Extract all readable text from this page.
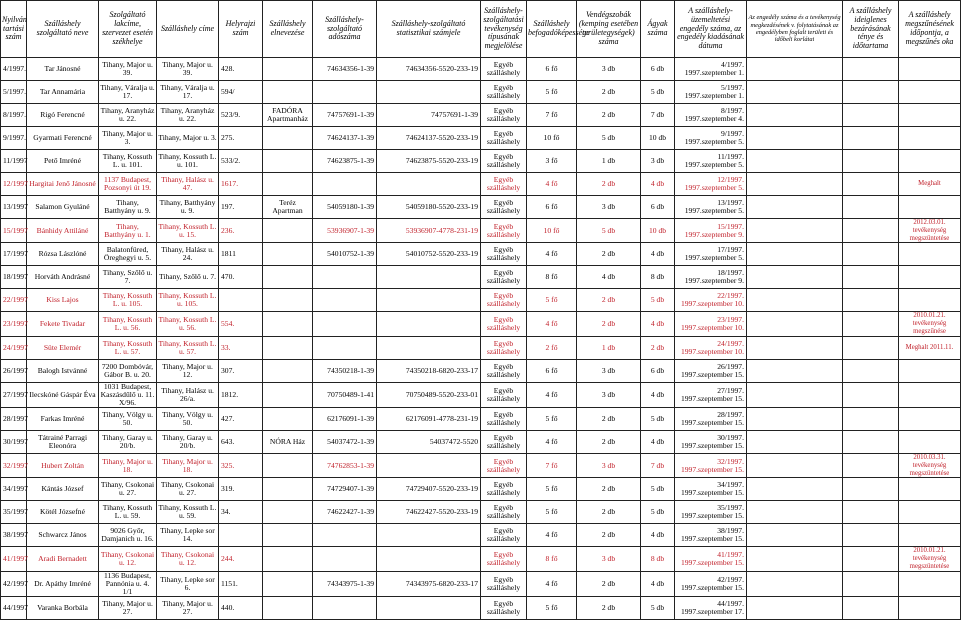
Nyilván tartási szám	Szálláshely szolgáltató neve	Szolgáltató lakcíme, szervezet esetén székhelye	Szálláshely címe	Helyrajzi szám	Szálláshely elnevezése	Szálláshely-szolgáltató adószáma	Szálláshely-szolgáltató statisztikai számjele	Szálláshely-szolgáltatási tevékenység típusának megjelölése	Szálláshely befogadóképessége	Vendégszobák (kemping esetében területegységek) száma	Ágyak száma	A szálláshely-üzemeltetési engedély száma, az engedély kiadásának dátuma	Az engedély száma és a tevékenység megkezdésének v. folytatásának az engedélyben foglalt területi és időbeli korlátai	A szálláshely ideiglenes bezárásának ténye és időtartama	A szálláshely megszűnésének időpontja, a megszűnés oka
4/1997.	Tar Jánosné	Tihany, Major u. 39.	Tihany, Major u. 39.	428.		74634356-1-39	74634356-5520-233-19	Egyéb szálláshely	6 fő	3 db	6 db	4/1997. 1997.szeptember 1.			
5/1997.	Tar Annamária	Tihany, Váralja u. 17.	Tihany, Váralja u. 17.	594/				Egyéb szálláshely	5 fő	2 db	5 db	5/1997. 1997.szeptember 1.			
8/1997.	Rigó Ferencné	Tihany, Aranyház u. 22.	Tihany, Aranyház u. 22.	523/9.	FADÓRA Apartmanház	74757691-1-39	74757691-1-39	Egyéb szálláshely	7 fő	2 db	7 db	8/1997. 1997.szeptember 4.			
9/1997.	Gyarmati Ferencné	Tihany, Major u. 3.	Tihany, Major u. 3.	275.		74624137-1-39	74624137-5520-233-19	Egyéb szálláshely	10 fő	5 db	10 db	9/1997. 1997.szeptember 5.			
11/1997	Pető Imréné	Tihany, Kossuth L. u. 101.	Tihany, Kossuth L. u. 101.	533/2.		74623875-1-39	74623875-5520-233-19	Egyéb szálláshely	3 fő	1 db	3 db	11/1997. 1997.szeptember 5.			
12/1997	Hargitai Jenő Jánosné	1137 Budapest, Pozsonyi út 19.	Tihany, Halász u. 47.	1617.				Egyéb szálláshely	4 fő	2 db	4 db	12/1997. 1997.szeptember 5.			Meghalt
13/1997	Salamon Gyuláné	Tihany, Batthyány u. 9.	Tihany, Batthyány u. 9.	197.	Teréz Apartman	54059180-1-39	54059180-5520-233-19	Egyéb szálláshely	6 fő	3 db	6 db	13/1997. 1997.szeptember 5.			
15/1997	Bánhidy Attiláné	Tihany, Batthyány u. 1.	Tihany, Kossuth L. u. 15.	236.		53936907-1-39	53936907-4778-231-19	Egyéb szálláshely	10 fő	5 db	10 db	15/1997. 1997.szeptember 9.			2012.03.01. tevékenység megszüntetése
17/1997	Rózsa Lászlóné	Balatonfüred, Öreghegyi u. 5.	Tihany, Halász u. 24.	1811		54010752-1-39	54010752-5520-233-19	Egyéb szálláshely	4 fő	2 db	4 db	17/1997. 1997.szeptember 5.			
18/1997	Horváth Andrásné	Tihany, Szőlő u. 7.	Tihany, Szőlő u. 7.	470.				Egyéb szálláshely	8 fő	4 db	8 db	18/1997. 1997.szeptember 9.			
22/1997	Kiss Lajos	Tihany, Kossuth L. u. 105.	Tihany, Kossuth L. u. 105.					Egyéb szálláshely	5 fő	2 db	5 db	22/1997. 1997.szeptember 10.			
23/1997	Fekete Tivadar	Tihany, Kossuth L. u. 56.	Tihany, Kossuth L. u. 56.	554.				Egyéb szálláshely	4 fő	2 db	4 db	23/1997. 1997.szeptember 10.			2010.01.21. tevékenység megszűnése
24/1997	Süte Elemér	Tihany, Kossuth L. u. 57.	Tihany, Kossuth L. u. 57.	33.				Egyéb szálláshely	2 fő	1 db	2 db	24/1997. 1997.szeptember 10.			Meghalt 2011.11.
26/1997	Balogh Istvánné	7200 Dombóvár, Gábor B. u. 20.	Tihany, Major u. 12.	307.		74350218-1-39	74350218-6820-233-17	Egyéb szálláshely	6 fő	3 db	6 db	26/1997. 1997.szeptember 15.			
27/1997	Ilecskóné Gáspár Éva	1031 Budapest, Kaszásdűlő u. 11. X/96.	Tihany, Halász u. 26/a.	1812.		70750489-1-41	70750489-5520-233-01	Egyéb szálláshely	4 fő	3 db	4 db	27/1997. 1997.szeptember 15.			
28/1997	Farkas Imréné	Tihany, Völgy u. 50.	Tihany, Völgy u. 50.	427.		62176091-1-39	62176091-4778-231-19	Egyéb szálláshely	5 fő	2 db	5 db	28/1997. 1997.szeptember 15.			
30/1997	Tátrainé Parragi Eleonóra	Tihany, Garay u. 20/b.	Tihany, Garay u. 20/b.	643.	NÓRA Ház	54037472-1-39	54037472-5520	Egyéb szálláshely	4 fő	2 db	4 db	30/1997. 1997.szeptember 15.			
32/1997	Hubert Zoltán	Tihany, Major u. 18.	Tihany, Major u. 18.	325.		74762853-1-39		Egyéb szálláshely	7 fő	3 db	7 db	32/1997. 1997.szeptember 15.			2010.03.31. tevékenység megszüntetése
34/1997	Kántás József	Tihany, Csokonai u. 27.	Tihany, Csokonai u. 27.	319.		74729407-1-39	74729407-5520-233-19	Egyéb szálláshely	5 fő	2 db	5 db	34/1997. 1997.szeptember 15.			
35/1997	Kötél Józsefné	Tihany, Kossuth L. u. 59.	Tihany, Kossuth L. u. 59.	34.		74622427-1-39	74622427-5520-233-19	Egyéb szálláshely	5 fő	2 db	5 db	35/1997. 1997.szeptember 15.			
38/1997	Schwarcz János	9026 Győr, Damjanich u. 16.	Tihany, Lepke sor 14.					Egyéb szálláshely	4 fő	2 db	4 db	38/1997. 1997.szeptember 15.			
41/1997	Aradi Bernadett	Tihany, Csokonai u. 12.	Tihany, Csokonai u. 12.	244.				Egyéb szálláshely	8 fő	3 db	8 db	41/1997. 1997.szeptember 15.			2010.01.21. tevékenység megszüntetése
42/1997	Dr. Apáthy Imréné	1136 Budapest, Pannónia u. 4. 1/1	Tihany, Lepke sor 6.	1151.		74343975-1-39	74343975-6820-233-17	Egyéb szálláshely	4 fő	2 db	4 db	42/1997. 1997.szeptember 15.			
44/1997	Varanka Borbála	Tihany, Major u. 27.	Tihany, Major u. 27.	440.				Egyéb szálláshely	5 fő	2 db	5 db	44/1997. 1997.szeptember 17.			
